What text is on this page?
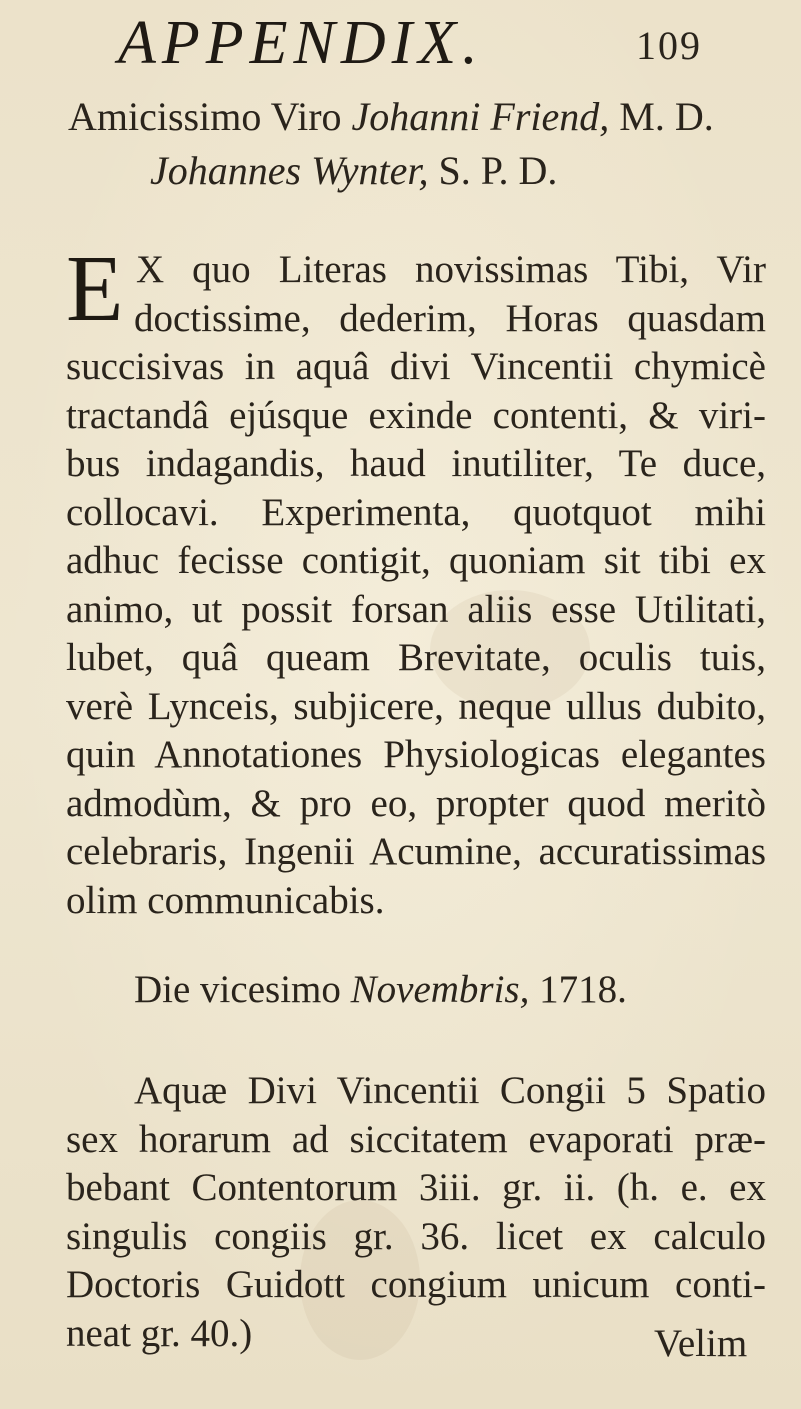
APPENDIX.	109
Amicissimo Viro Johanni Friend, M. D.
Johannes Wynter, S. P. D.
E X quo Literas novissimas Tibi, Vir
doctissime, dederim, Horas quasdam
succisivas in aquâ divi Vincentii chymicè
tractandâ ejúsque exinde contenti, & viri-
bus indagandis, haud inutiliter, Te duce,
collocavi. Experimenta, quotquot mihi
adhuc fecisse contigit, quoniam sit tibi ex
animo, ut possit forsan aliis esse Utilitati,
lubet, quâ queam Brevitate, oculis tuis,
verè Lynceis, subjicere, neque ullus dubito,
quin Annotationes Physiologicas elegantes
admodùm, & pro eo, propter quod meritò
celebraris, Ingenii Acumine, accuratissimas
olim communicabis.
Die vicesimo Novembris, 1718.
Aquæ Divi Vincentii Congii 5 Spatio
sex horarum ad siccitatem evaporati præ-
bebant Contentorum 3iii. gr. ii. (h. e. ex
singulis congiis gr. 36. licet ex calculo
Doctoris Guidott congium unicum conti-
neat gr. 40.)	Velim
